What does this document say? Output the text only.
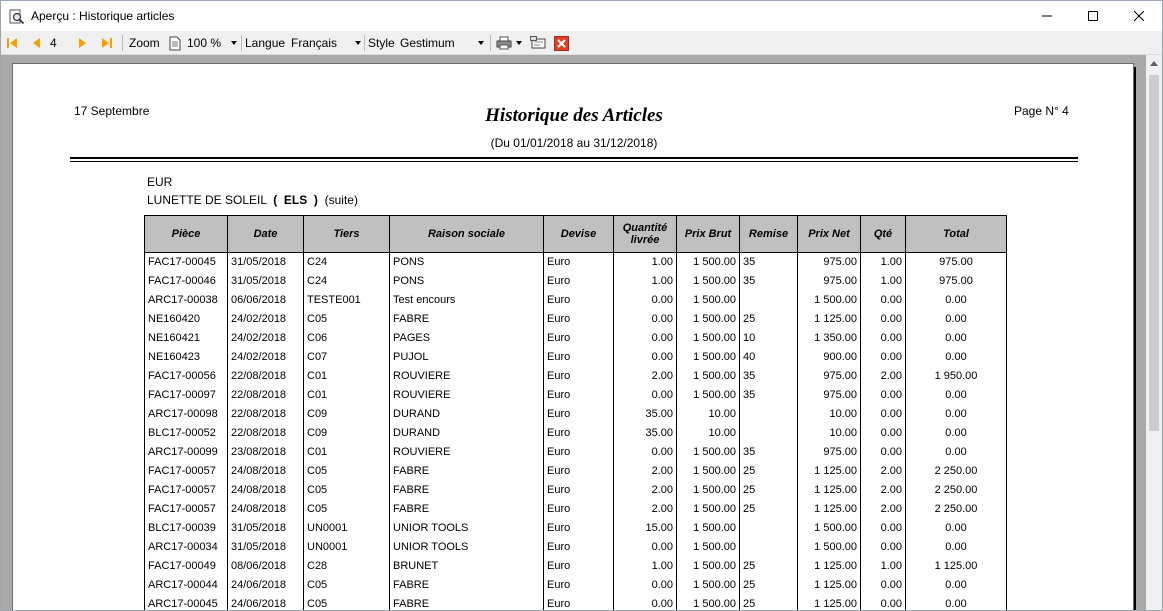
Aperçu : Historique articles
4	Zoom 100 % Langue Français	Style Gestimum
17 Septembre	Historique des Articles	Page N° 4
(Du 01/01/2018 au 31/12/2018)
EUR
LUNETTE DE SOLEIL (  ELS  ) (suite)
Pièce	Date	Tiers	Raison sociale	Devise	Quantité livrée	Prix Brut	Remise	Prix Net	Qté	Total
FAC17-00045	31/05/2018	C24	PONS	Euro	1.00	1 500.00	35	975.00	1.00	975.00
FAC17-00046	31/05/2018	C24	PONS	Euro	1.00	1 500.00	35	975.00	1.00	975.00
ARC17-00038	06/06/2018	TESTE001	Test encours	Euro	0.00	1 500.00		1 500.00	0.00	0.00
NE160420	24/02/2018	C05	FABRE	Euro	0.00	1 500.00	25	1 125.00	0.00	0.00
NE160421	24/02/2018	C06	PAGES	Euro	0.00	1 500.00	10	1 350.00	0.00	0.00
NE160423	24/02/2018	C07	PUJOL	Euro	0.00	1 500.00	40	900.00	0.00	0.00
FAC17-00056	22/08/2018	C01	ROUVIERE	Euro	2.00	1 500.00	35	975.00	2.00	1 950.00
FAC17-00097	22/08/2018	C01	ROUVIERE	Euro	0.00	1 500.00	35	975.00	0.00	0.00
ARC17-00098	22/08/2018	C09	DURAND	Euro	35.00	10.00		10.00	0.00	0.00
BLC17-00052	22/08/2018	C09	DURAND	Euro	35.00	10.00		10.00	0.00	0.00
ARC17-00099	23/08/2018	C01	ROUVIERE	Euro	0.00	1 500.00	35	975.00	0.00	0.00
FAC17-00057	24/08/2018	C05	FABRE	Euro	2.00	1 500.00	25	1 125.00	2.00	2 250.00
FAC17-00057	24/08/2018	C05	FABRE	Euro	2.00	1 500.00	25	1 125.00	2.00	2 250.00
FAC17-00057	24/08/2018	C05	FABRE	Euro	2.00	1 500.00	25	1 125.00	2.00	2 250.00
BLC17-00039	31/05/2018	UN0001	UNIOR TOOLS	Euro	15.00	1 500.00		1 500.00	0.00	0.00
ARC17-00034	31/05/2018	UN0001	UNIOR TOOLS	Euro	0.00	1 500.00		1 500.00	0.00	0.00
FAC17-00049	08/06/2018	C28	BRUNET	Euro	1.00	1 500.00	25	1 125.00	1.00	1 125.00
ARC17-00044	24/06/2018	C05	FABRE	Euro	0.00	1 500.00	25	1 125.00	0.00	0.00
ARC17-00045	24/06/2018	C05	FABRE	Euro	0.00	1 500.00	25	1 125.00	0.00	0.00
